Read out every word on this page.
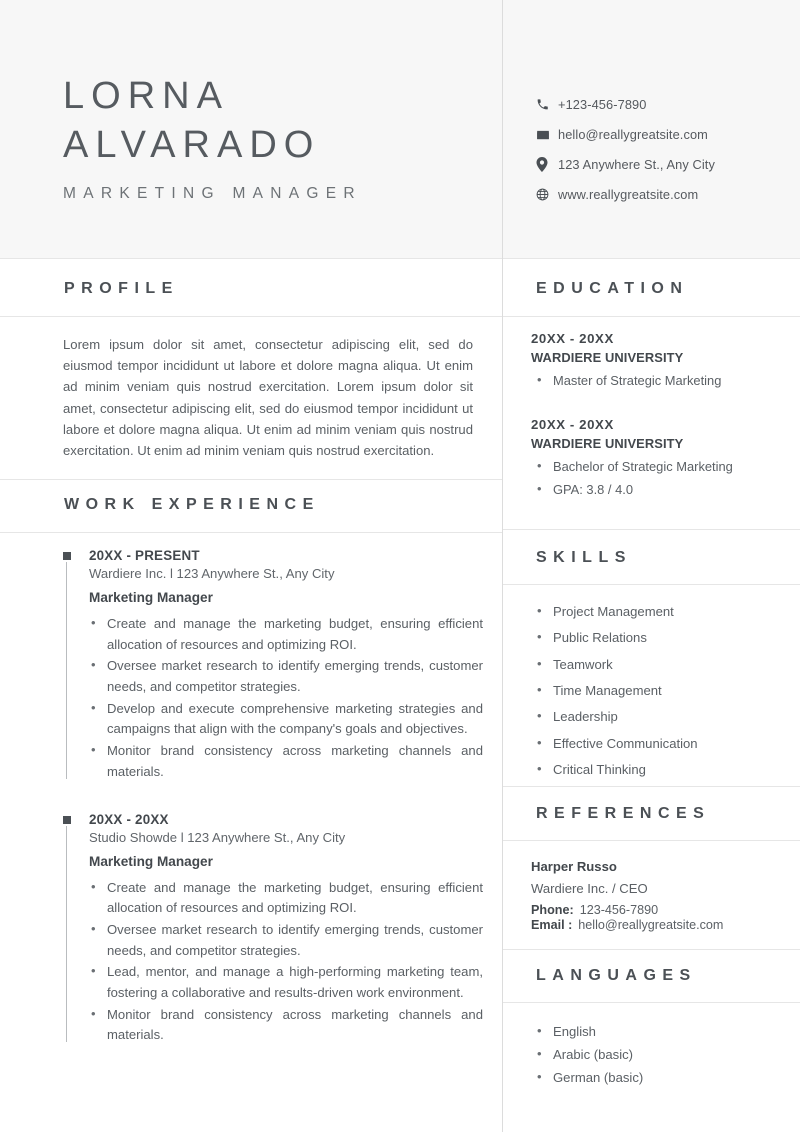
LORNA
ALVARADO
MARKETING MANAGER
+123-456-7890
hello@reallygreatsite.com
123 Anywhere St., Any City
www.reallygreatsite.com
PROFILE
Lorem ipsum dolor sit amet, consectetur adipiscing elit, sed do eiusmod tempor incididunt ut labore et dolore magna aliqua. Ut enim ad minim veniam quis nostrud exercitation. Lorem ipsum dolor sit amet, consectetur adipiscing elit, sed do eiusmod tempor incididunt ut labore et dolore magna aliqua. Ut enim ad minim veniam quis nostrud exercitation. Ut enim ad minim veniam quis nostrud exercitation.
WORK EXPERIENCE
20XX - PRESENT
Wardiere Inc. l 123 Anywhere St., Any City
Marketing Manager
• Create and manage the marketing budget, ensuring efficient allocation of resources and optimizing ROI.
• Oversee market research to identify emerging trends, customer needs, and competitor strategies.
• Develop and execute comprehensive marketing strategies and campaigns that align with the company's goals and objectives.
• Monitor brand consistency across marketing channels and materials.
20XX - 20XX
Studio Showde l 123 Anywhere St., Any City
Marketing Manager
• Create and manage the marketing budget, ensuring efficient allocation of resources and optimizing ROI.
• Oversee market research to identify emerging trends, customer needs, and competitor strategies.
• Lead, mentor, and manage a high-performing marketing team, fostering a collaborative and results-driven work environment.
• Monitor brand consistency across marketing channels and materials.
EDUCATION
20XX - 20XX
WARDIERE UNIVERSITY
• Master of Strategic Marketing
20XX - 20XX
WARDIERE UNIVERSITY
• Bachelor of Strategic Marketing
• GPA: 3.8 / 4.0
SKILLS
• Project Management
• Public Relations
• Teamwork
• Time Management
• Leadership
• Effective Communication
• Critical Thinking
REFERENCES
Harper Russo
Wardiere Inc. / CEO
Phone: 123-456-7890
Email : hello@reallygreatsite.com
LANGUAGES
• English
• Arabic (basic)
• German (basic)
